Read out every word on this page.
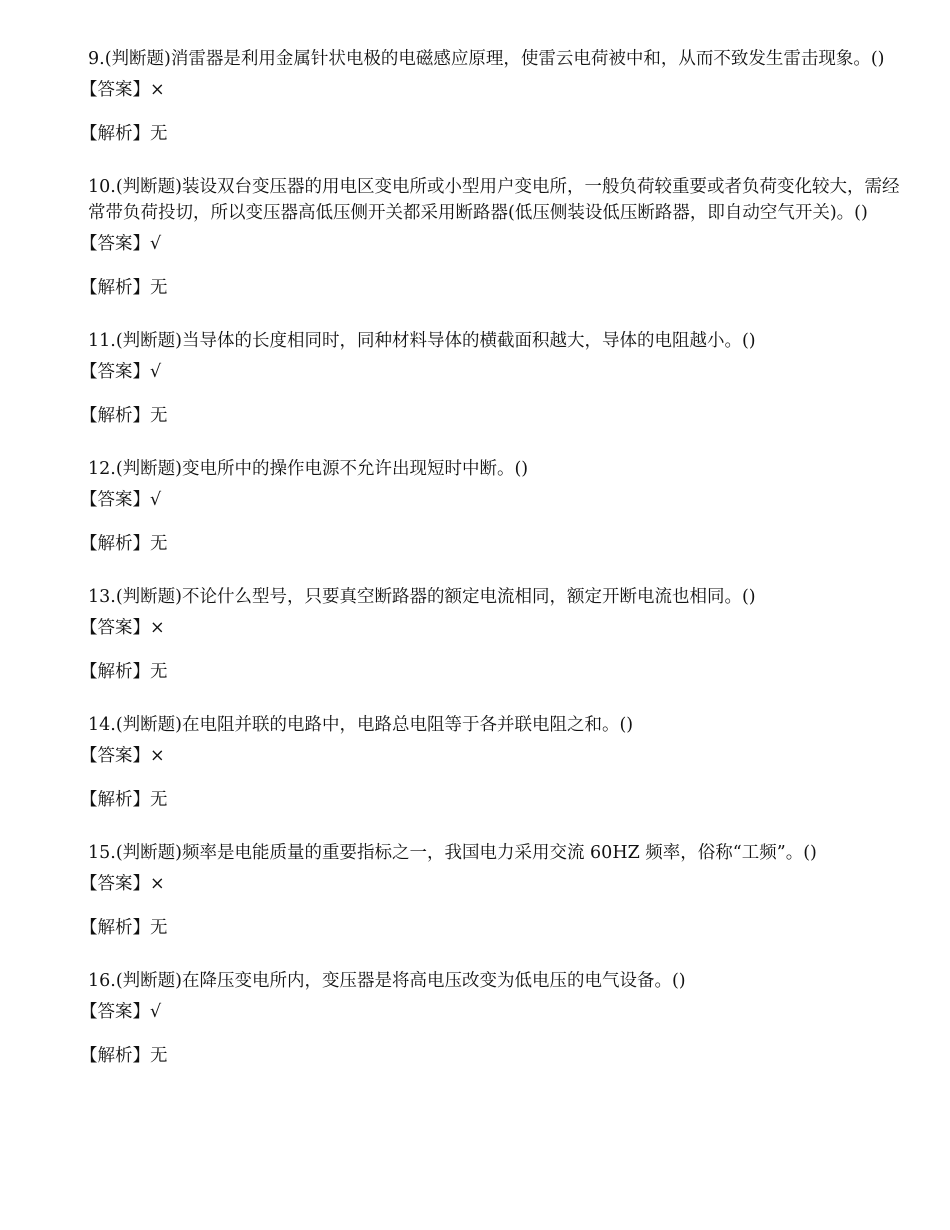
9.(判断题)消雷器是利用金属针状电极的电磁感应原理，使雷云电荷被中和，从而不致发生雷击现象。()

【答案】×
【解析】无

10.(判断题)装设双台变压器的用电区变电所或小型用户变电所，一般负荷较重要或者负荷变化较大，需经常带负荷投切，所以变压器高低压侧开关都采用断路器(低压侧装设低压断路器，即自动空气开关)。()

【答案】√
【解析】无

11.(判断题)当导体的长度相同时，同种材料导体的横截面积越大，导体的电阻越小。()

【答案】√
【解析】无

12.(判断题)变电所中的操作电源不允许出现短时中断。()

【答案】√
【解析】无

13.(判断题)不论什么型号，只要真空断路器的额定电流相同，额定开断电流也相同。()

【答案】×
【解析】无

14.(判断题)在电阻并联的电路中，电路总电阻等于各并联电阻之和。()

【答案】×
【解析】无

15.(判断题)频率是电能质量的重要指标之一，我国电力采用交流 60HZ 频率，俗称“工频”。()

【答案】×
【解析】无

16.(判断题)在降压变电所内，变压器是将高电压改变为低电压的电气设备。()

【答案】√
【解析】无
